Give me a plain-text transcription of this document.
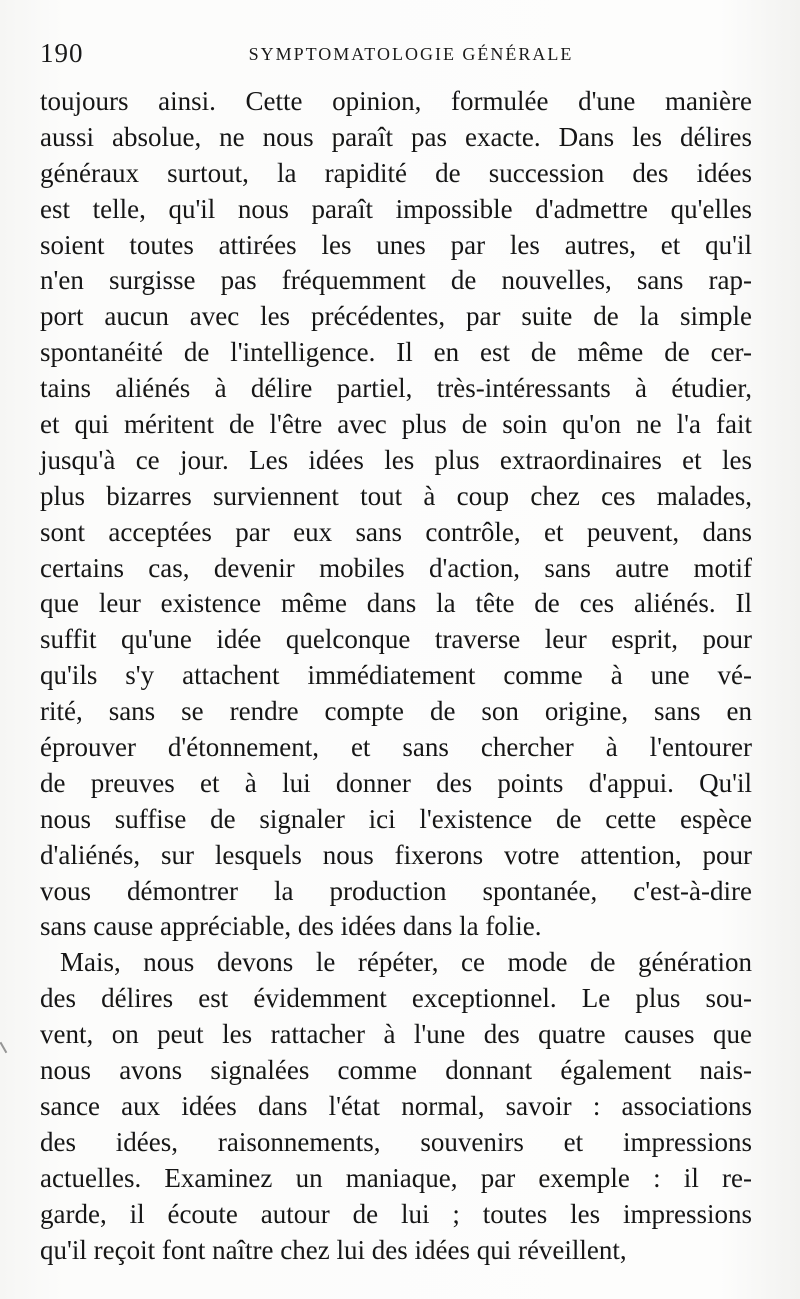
190	SYMPTOMATOLOGIE GÉNÉRALE
toujours ainsi. Cette opinion, formulée d'une manière
aussi absolue, ne nous paraît pas exacte. Dans les délires
généraux surtout, la rapidité de succession des idées
est telle, qu'il nous paraît impossible d'admettre qu'elles
soient toutes attirées les unes par les autres, et qu'il
n'en surgisse pas fréquemment de nouvelles, sans rap-
port aucun avec les précédentes, par suite de la simple
spontanéité de l'intelligence. Il en est de même de cer-
tains aliénés à délire partiel, très-intéressants à étudier,
et qui méritent de l'être avec plus de soin qu'on ne l'a fait
jusqu'à ce jour. Les idées les plus extraordinaires et les
plus bizarres surviennent tout à coup chez ces malades,
sont acceptées par eux sans contrôle, et peuvent, dans
certains cas, devenir mobiles d'action, sans autre motif
que leur existence même dans la tête de ces aliénés. Il
suffit qu'une idée quelconque traverse leur esprit, pour
qu'ils s'y attachent immédiatement comme à une vé-
rité, sans se rendre compte de son origine, sans en
éprouver d'étonnement, et sans chercher à l'entourer
de preuves et à lui donner des points d'appui. Qu'il
nous suffise de signaler ici l'existence de cette espèce
d'aliénés, sur lesquels nous fixerons votre attention, pour
vous démontrer la production spontanée, c'est-à-dire
sans cause appréciable, des idées dans la folie.
Mais, nous devons le répéter, ce mode de génération
des délires est évidemment exceptionnel. Le plus sou-
vent, on peut les rattacher à l'une des quatre causes que
nous avons signalées comme donnant également nais-
sance aux idées dans l'état normal, savoir : associations
des idées, raisonnements, souvenirs et impressions
actuelles. Examinez un maniaque, par exemple : il re-
garde, il écoute autour de lui ; toutes les impressions
qu'il reçoit font naître chez lui des idées qui réveillent,
